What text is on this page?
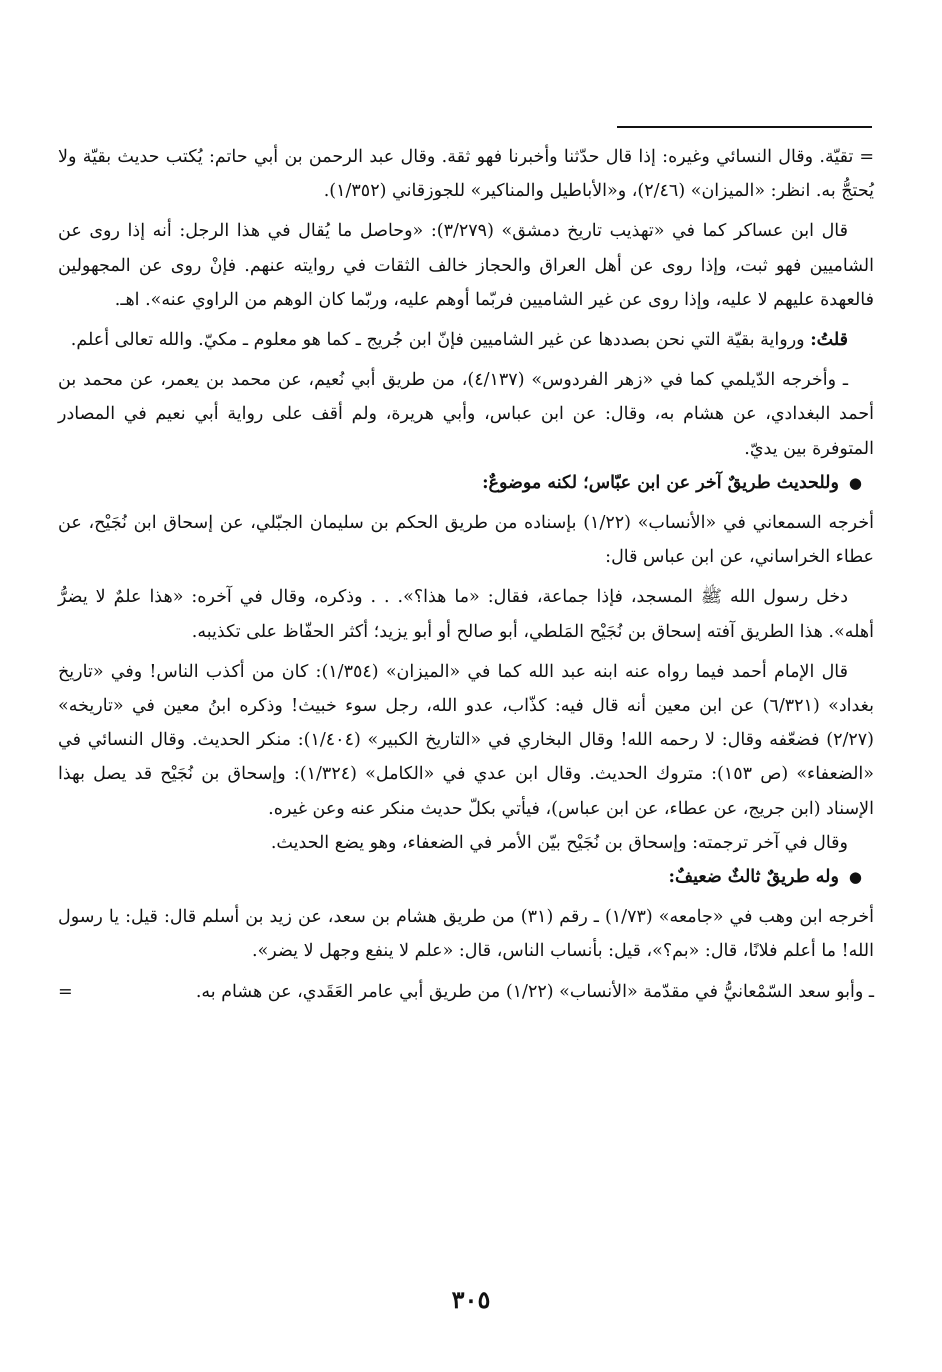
=تقيّة. وقال النسائي وغيره: إذا قال حدّثنا وأخبرنا فهو ثقة. وقال عبد الرحمن بن أبي حاتم: يُكتب حديث بقيّة ولا يُحتجُّ به. انظر: «الميزان» (٢/٤٦)، و«الأباطيل والمناكير» للجوزقاني (١/٣٥٢).

قال ابن عساكر كما في «تهذيب تاريخ دمشق» (٣/٢٧٩): «وحاصل ما يُقال في هذا الرجل: أنه إذا روى عن الشاميين فهو ثبت، وإذا روى عن أهل العراق والحجاز خالف الثقات في روايته عنهم. فإنْ روى عن المجهولين فالعهدة عليهم لا عليه، وإذا روى عن غير الشاميين فربّما أوهم عليه، وربّما كان الوهم من الراوي عنه». اهـ.

قلتُ: ورواية بقيّة التي نحن بصددها عن غير الشاميين فإنّ ابن جُريج ـ كما هو معلوم ـ مكيّ. والله تعالى أعلم.

ـ وأخرجه الدّيلمي كما في «زهر الفردوس» (٤/١٣٧)، من طريق أبي نُعيم، عن محمد بن يعمر، عن محمد بن أحمد البغدادي، عن هشام به، وقال: عن ابن عباس، وأبي هريرة، ولم أقف على رواية أبي نعيم في المصادر المتوفرة بين يديّ.

●وللحديث طريقٌ آخر عن ابن عبّاس؛ لكنه موضوعٌ:

أخرجه السمعاني في «الأنساب» (١/٢٢) بإسناده من طريق الحكم بن سليمان الجبّلي، عن إسحاق ابن نُجَيْح، عن عطاء الخراساني، عن ابن عباس قال:

دخل رسول الله ﷺ المسجد، فإذا جماعة، فقال: «ما هذا؟». . . وذكره، وقال في آخره: «هذا علمٌ لا يضرُّ أهله». هذا الطريق آفته إسحاق بن نُجَيْح المَلطي، أبو صالح أو أبو يزيد؛ أكثر الحفّاظ على تكذيبه.

قال الإمام أحمد فيما رواه عنه ابنه عبد الله كما في «الميزان» (١/٣٥٤): كان من أكذب الناس! وفي «تاريخ بغداد» (٦/٣٢١) عن ابن معين أنه قال فيه: كذّاب، عدو الله، رجل سوء خبيث! وذكره ابنُ معين في «تاريخه» (٢/٢٧) فضعّفه وقال: لا رحمه الله! وقال البخاري في «التاريخ الكبير» (١/٤٠٤): منكر الحديث. وقال النسائي في «الضعفاء» (ص ١٥٣): متروك الحديث. وقال ابن عدي في «الكامل» (١/٣٢٤): وإسحاق بن نُجَيْح قد يصل بهذا الإسناد (ابن جريج، عن عطاء، عن ابن عباس)، فيأتي بكلّ حديث منكر عنه وعن غيره.

وقال في آخر ترجمته: وإسحاق بن نُجَيْح بيّن الأمر في الضعفاء، وهو يضع الحديث.

●وله طريقٌ ثالثٌ ضعيفٌ:

أخرجه ابن وهب في «جامعه» (١/٧٣) ـ رقم (٣١) من طريق هشام بن سعد، عن زيد بن أسلم قال: قيل: يا رسول الله! ما أعلم فلانًا، قال: «بم؟»، قيل: بأنساب الناس، قال: «علم لا ينفع وجهل لا يضر».

=	ـ وأبو سعد السّمْعانيُّ في مقدّمة «الأنساب» (١/٢٢) من طريق أبي عامر العَقَدي، عن هشام به.

٣٠٥
